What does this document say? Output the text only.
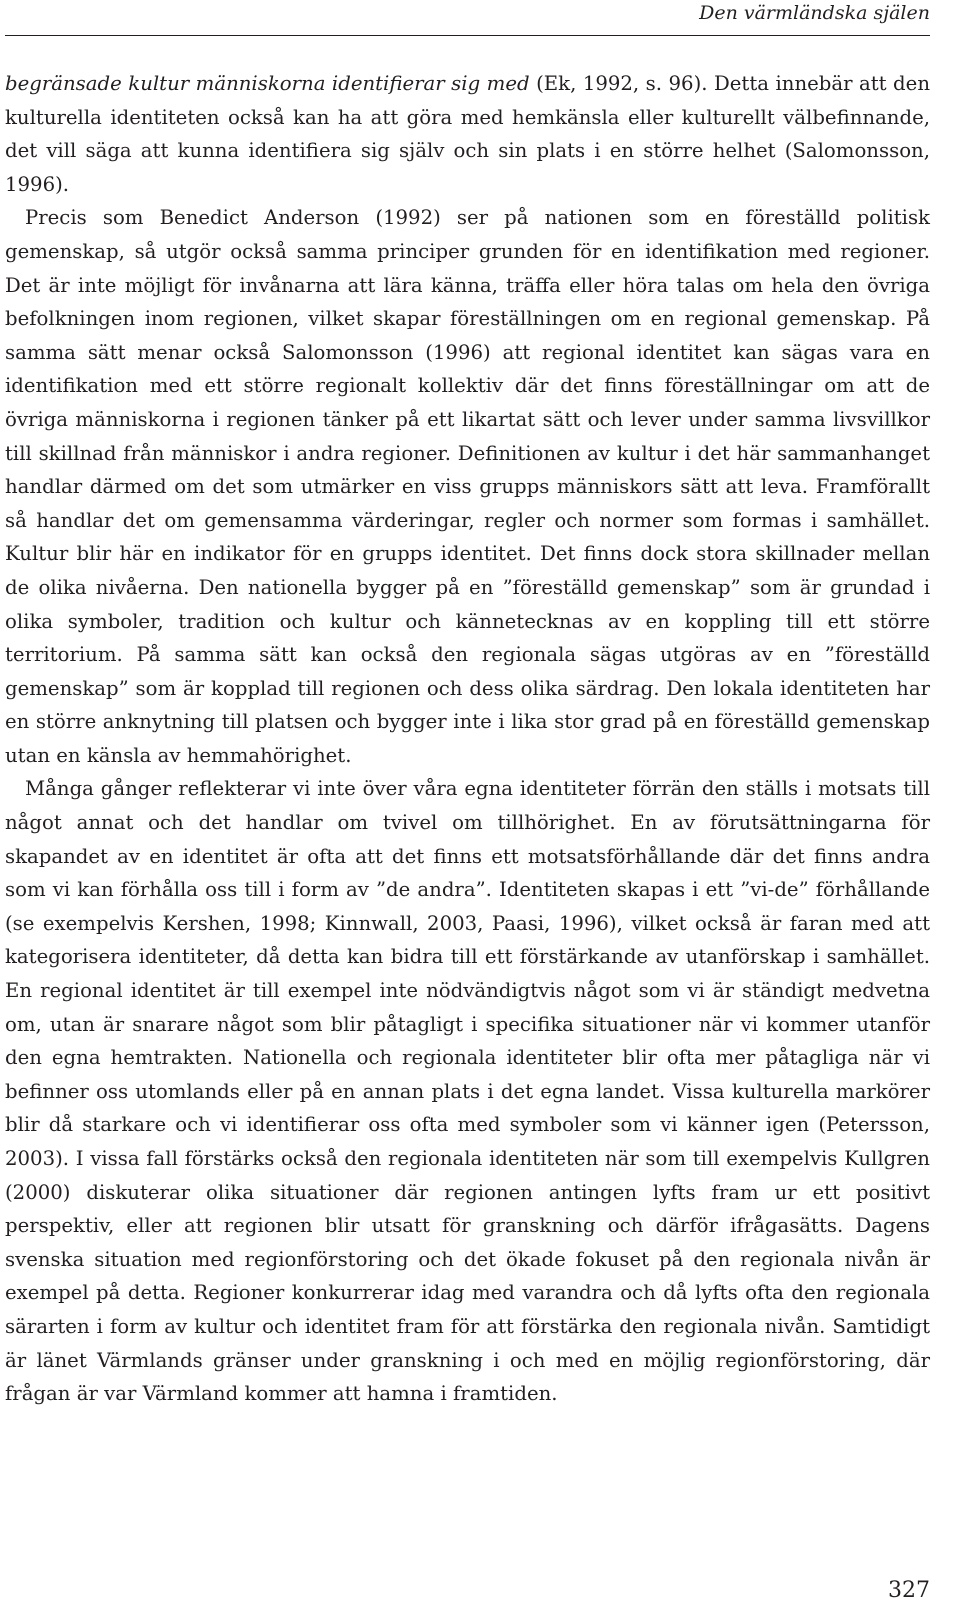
Den värmländska själen

begränsade kultur människorna identifierar sig med (Ek, 1992, s. 96). Detta innebär att den kulturella identiteten också kan ha att göra med hemkänsla eller kulturellt välbefinnande, det vill säga att kunna identifiera sig själv och sin plats i en större helhet (Salomonsson, 1996).

Precis som Benedict Anderson (1992) ser på nationen som en föreställd politisk gemenskap, så utgör också samma principer grunden för en identifikation med regioner. Det är inte möjligt för invånarna att lära känna, träffa eller höra talas om hela den övriga befolkningen inom regionen, vilket skapar föreställningen om en regional gemenskap. På samma sätt menar också Salomonsson (1996) att regional identitet kan sägas vara en identifikation med ett större regionalt kollektiv där det finns föreställningar om att de övriga människorna i regionen tänker på ett likartat sätt och lever under samma livsvillkor till skillnad från människor i andra regioner. Definitionen av kultur i det här sammanhanget handlar därmed om det som utmärker en viss grupps människors sätt att leva. Framförallt så handlar det om gemensamma värderingar, regler och normer som formas i samhället. Kultur blir här en indikator för en grupps identitet. Det finns dock stora skillnader mellan de olika nivåerna. Den nationella bygger på en ”föreställd gemenskap” som är grundad i olika symboler, tradition och kultur och kännetecknas av en koppling till ett större territorium. På samma sätt kan också den regionala sägas utgöras av en ”föreställd gemenskap” som är kopplad till regionen och dess olika särdrag. Den lokala identiteten har en större anknytning till platsen och bygger inte i lika stor grad på en föreställd gemenskap utan en känsla av hemmahörighet.

Många gånger reflekterar vi inte över våra egna identiteter förrän den ställs i motsats till något annat och det handlar om tvivel om tillhörighet. En av förutsättningarna för skapandet av en identitet är ofta att det finns ett motsatsförhållande där det finns andra som vi kan förhålla oss till i form av ”de andra”. Identiteten skapas i ett ”vi-de” förhållande (se exempelvis Kershen, 1998; Kinnwall, 2003, Paasi, 1996), vilket också är faran med att kategorisera identiteter, då detta kan bidra till ett förstärkande av utanförskap i samhället. En regional identitet är till exempel inte nödvändigtvis något som vi är ständigt medvetna om, utan är snarare något som blir påtagligt i specifika situationer när vi kommer utanför den egna hemtrakten. Nationella och regionala identiteter blir ofta mer påtagliga när vi befinner oss utomlands eller på en annan plats i det egna landet. Vissa kulturella markörer blir då starkare och vi identifierar oss ofta med symboler som vi känner igen (Petersson, 2003). I vissa fall förstärks också den regionala identiteten när som till exempelvis Kullgren (2000) diskuterar olika situationer där regionen antingen lyfts fram ur ett positivt perspektiv, eller att regionen blir utsatt för granskning och därför ifrågasätts. Dagens svenska situation med regionförstoring och det ökade fokuset på den regionala nivån är exempel på detta. Regioner konkurrerar idag med varandra och då lyfts ofta den regionala särarten i form av kultur och identitet fram för att förstärka den regionala nivån. Samtidigt är länet Värmlands gränser under granskning i och med en möjlig regionförstoring, där frågan är var Värmland kommer att hamna i framtiden.

327
